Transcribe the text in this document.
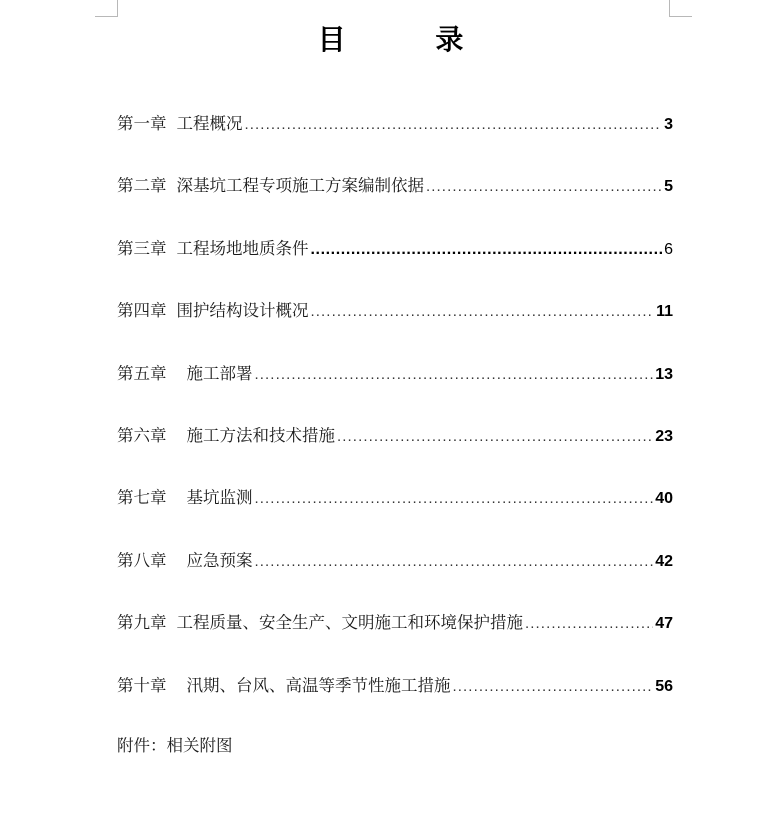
目 录
第一章 工程概况 .....	3
第二章 深基坑工程专项施工方案编制依据 .....	5
第三章 工程场地地质条件 .....	6
第四章 围护结构设计概况 .....	11
第五章 施工部署 .....	13
第六章 施工方法和技术措施 .....	23
第七章 基坑监测 .....	40
第八章 应急预案 .....	42
第九章 工程质量、安全生产、文明施工和环境保护措施 .....	47
第十章 汛期、台风、高温等季节性施工措施 .....	56
附件：相关附图
